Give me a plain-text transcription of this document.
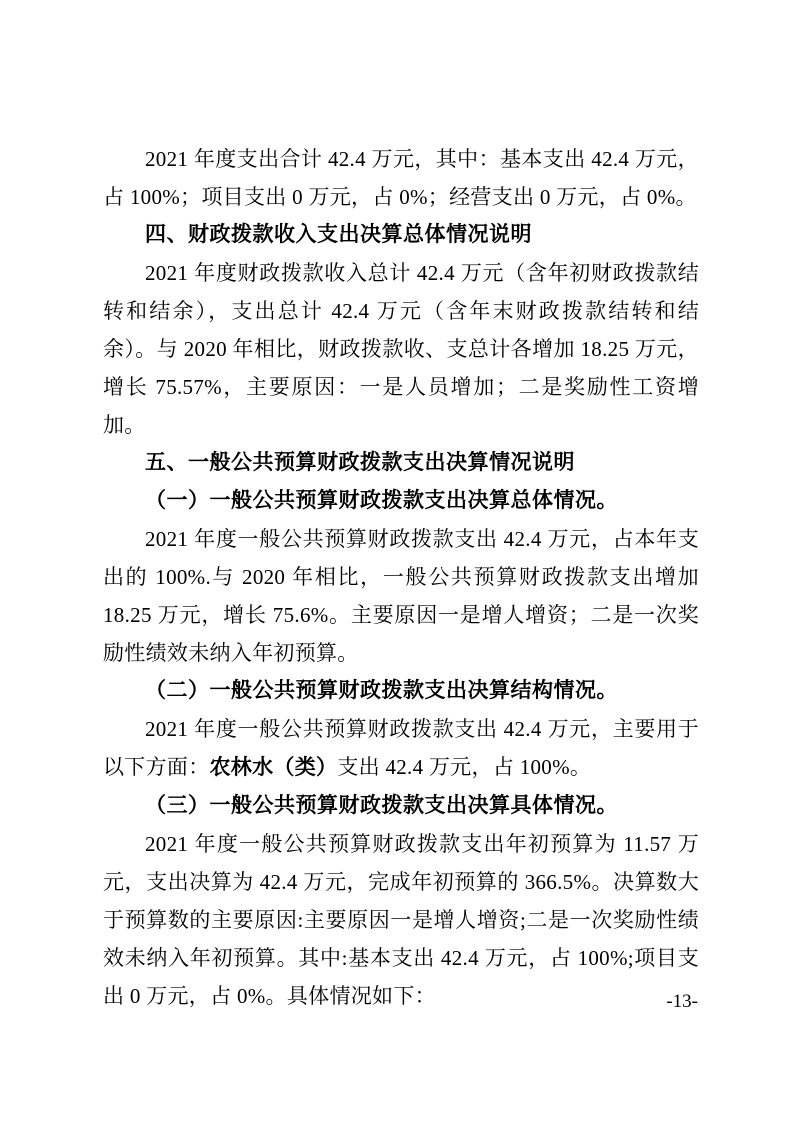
2021 年度支出合计 42.4 万元，其中：基本支出 42.4 万元，占 100%；项目支出 0 万元，占 0%；经营支出 0 万元，占 0%。

四、财政拨款收入支出决算总体情况说明

2021 年度财政拨款收入总计 42.4 万元（含年初财政拨款结转和结余），支出总计 42.4 万元（含年末财政拨款结转和结余）。与 2020 年相比，财政拨款收、支总计各增加 18.25 万元，增长 75.57%，主要原因：一是人员增加；二是奖励性工资增加。

五、一般公共预算财政拨款支出决算情况说明

（一）一般公共预算财政拨款支出决算总体情况。

2021 年度一般公共预算财政拨款支出 42.4 万元，占本年支出的 100%.与 2020 年相比，一般公共预算财政拨款支出增加 18.25 万元，增长 75.6%。主要原因一是增人增资；二是一次奖励性绩效未纳入年初预算。

（二）一般公共预算财政拨款支出决算结构情况。

2021 年度一般公共预算财政拨款支出 42.4 万元，主要用于以下方面：农林水（类）支出 42.4 万元，占 100%。

（三）一般公共预算财政拨款支出决算具体情况。

2021 年度一般公共预算财政拨款支出年初预算为 11.57 万元，支出决算为 42.4 万元，完成年初预算的 366.5%。决算数大于预算数的主要原因:主要原因一是增人增资;二是一次奖励性绩效未纳入年初预算。其中:基本支出 42.4 万元，占 100%;项目支出 0 万元，占 0%。具体情况如下：	-13-
